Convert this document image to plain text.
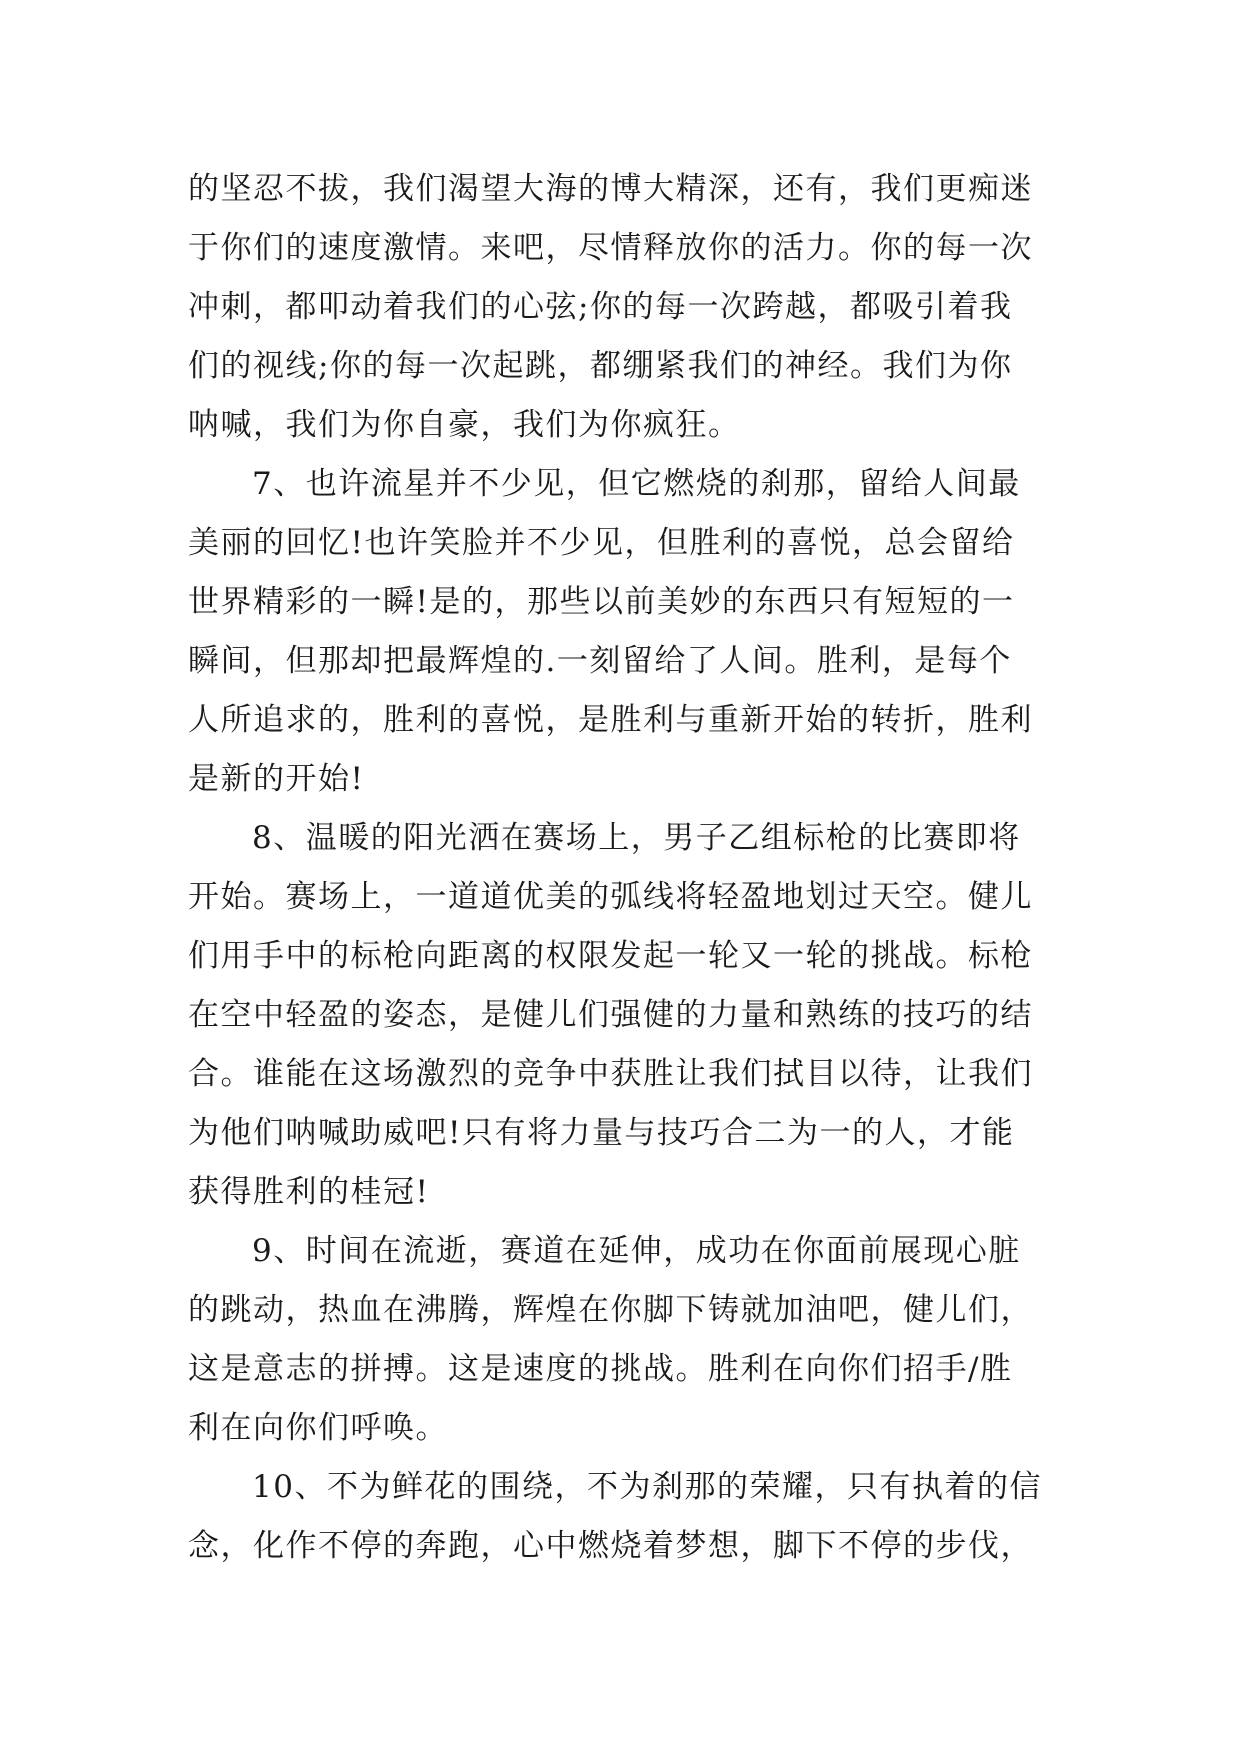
的坚忍不拔，我们渴望大海的博大精深，还有，我们更痴迷
于你们的速度激情。来吧，尽情释放你的活力。你的每一次
冲刺，都叩动着我们的心弦;你的每一次跨越，都吸引着我
们的视线;你的每一次起跳，都绷紧我们的神经。我们为你
呐喊，我们为你自豪，我们为你疯狂。
7、也许流星并不少见，但它燃烧的刹那，留给人间最
美丽的回忆!也许笑脸并不少见，但胜利的喜悦，总会留给
世界精彩的一瞬!是的，那些以前美妙的东西只有短短的一
瞬间，但那却把最辉煌的.一刻留给了人间。胜利，是每个
人所追求的，胜利的喜悦，是胜利与重新开始的转折，胜利
是新的开始!
8、温暖的阳光洒在赛场上，男子乙组标枪的比赛即将
开始。赛场上，一道道优美的弧线将轻盈地划过天空。健儿
们用手中的标枪向距离的权限发起一轮又一轮的挑战。标枪
在空中轻盈的姿态，是健儿们强健的力量和熟练的技巧的结
合。谁能在这场激烈的竞争中获胜让我们拭目以待，让我们
为他们呐喊助威吧!只有将力量与技巧合二为一的人，才能
获得胜利的桂冠!
9、时间在流逝，赛道在延伸，成功在你面前展现心脏
的跳动，热血在沸腾，辉煌在你脚下铸就加油吧，健儿们，
这是意志的拼搏。这是速度的挑战。胜利在向你们招手/胜
利在向你们呼唤。
10、不为鲜花的围绕，不为刹那的荣耀，只有执着的信
念，化作不停的奔跑，心中燃烧着梦想，脚下不停的步伐，
